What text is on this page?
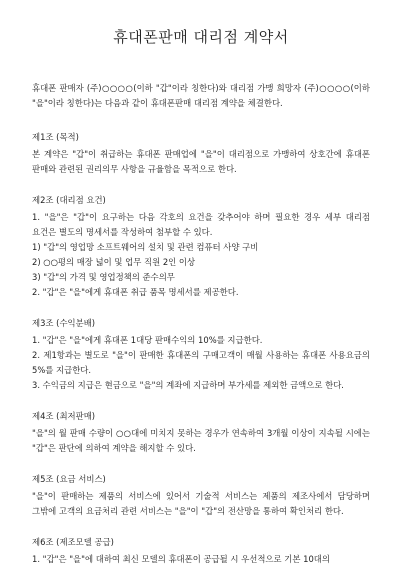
휴대폰판매 대리점 계약서

휴대폰 판매자 (주)○○○○(이하 "갑"이라 칭한다)와 대리점 가맹 희망자 (주)○○○○(이하 "을"이라 칭한다)는 다음과 같이 휴대폰판매 대리점 계약을 체결한다.

제1조 (목적)

본 계약은 "갑"이 취급하는 휴대폰 판매업에 "을"이 대리점으로 가맹하여 상호간에 휴대폰 판매와 관련된 권리의무 사항을 규율함을 목적으로 한다.

제2조 (대리점 요건)

1. "을"은 "갑"이 요구하는 다음 각호의 요건을 갖추어야 하며 필요한 경우 세부 대리점 요건은 별도의 명세서를 작성하여 첨부할 수 있다.

1) "갑"의 영업망 소프트웨어의 설치 및 관련 컴퓨터 사양 구비

2) ○○평의 매장 넓이 및 업무 직원 2인 이상

3) "갑"의 가격 및 영업정책의 준수의무

2. "갑"은 "을"에게 휴대폰 취급 품목 명세서를 제공한다.

제3조 (수익분배)

1. "갑"은 "을"에게 휴대폰 1대당 판매수익의 10%를 지급한다.

2. 제1항과는 별도로 "을"이 판매한 휴대폰의 구매고객이 매월 사용하는 휴대폰 사용요금의 5%를 지급한다.

3. 수익금의 지급은 현금으로 "을"의 계좌에 지급하며 부가세를 제외한 금액으로 한다.

제4조 (최저판매)

"을"의 월 판매 수량이 ○○대에 미치지 못하는 경우가 연속하여 3개월 이상이 지속될 시에는 "갑"은 판단에 의하여 계약을 해지할 수 있다.

제5조 (요금 서비스)

"을"이 판매하는 제품의 서비스에 있어서 기술적 서비스는 제품의 제조사에서 담당하며 그밖에 고객의 요금처리 관련 서비스는 "을"이 "갑"의 전산망을 통하여 확인처리 한다.

제6조 (제조모델 공급)

1. "갑"은 "을"에 대하여 최신 모델의 휴대폰이 공급될 시 우선적으로 기본 10대의
